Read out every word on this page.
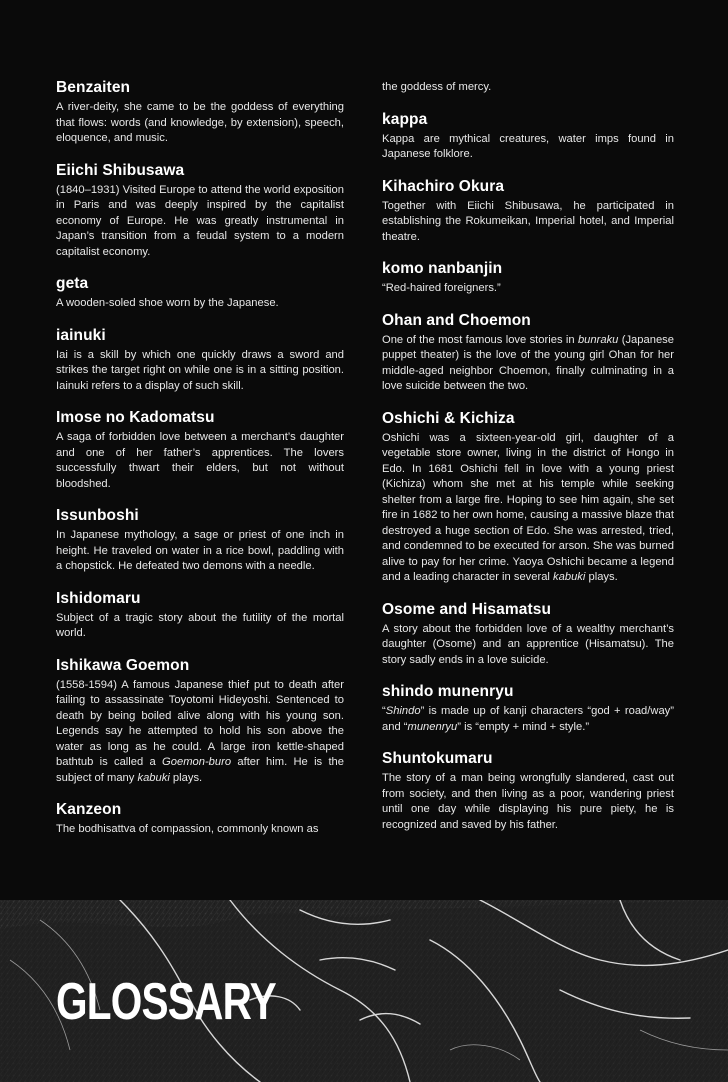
Benzaiten

A river-deity, she came to be the goddess of everything that flows: words (and knowledge, by extension), speech, eloquence, and music.

Eiichi Shibusawa

(1840–1931) Visited Europe to attend the world exposition in Paris and was deeply inspired by the capitalist economy of Europe. He was greatly instrumental in Japan’s transition from a feudal system to a modern capitalist economy.

geta

A wooden-soled shoe worn by the Japanese.

iainuki

Iai is a skill by which one quickly draws a sword and strikes the target right on while one is in a sitting position. Iainuki refers to a display of such skill.

Imose no Kadomatsu

A saga of forbidden love between a merchant’s daughter and one of her father’s apprentices. The lovers successfully thwart their elders, but not without bloodshed.

Issunboshi

In Japanese mythology, a sage or priest of one inch in height. He traveled on water in a rice bowl, paddling with a chopstick. He defeated two demons with a needle.

Ishidomaru

Subject of a tragic story about the futility of the mortal world.

Ishikawa Goemon

(1558-1594) A famous Japanese thief put to death after failing to assassinate Toyotomi Hideyoshi. Sentenced to death by being boiled alive along with his young son. Legends say he attempted to hold his son above the water as long as he could. A large iron kettle-shaped bathtub is called a Goemon-buro after him. He is the subject of many kabuki plays.

Kanzeon

The bodhisattva of compassion, commonly known as

the goddess of mercy.

kappa

Kappa are mythical creatures, water imps found in Japanese folklore.

Kihachiro Okura

Together with Eiichi Shibusawa, he participated in establishing the Rokumeikan, Imperial hotel, and Imperial theatre.

komo nanbanjin

“Red-haired foreigners.”

Ohan and Choemon

One of the most famous love stories in bunraku (Japanese puppet theater) is the love of the young girl Ohan for her middle-aged neighbor Choemon, finally culminating in a love suicide between the two.

Oshichi & Kichiza

Oshichi was a sixteen-year-old girl, daughter of a vegetable store owner, living in the district of Hongo in Edo. In 1681 Oshichi fell in love with a young priest (Kichiza) whom she met at his temple while seeking shelter from a large fire. Hoping to see him again, she set fire in 1682 to her own home, causing a massive blaze that destroyed a huge section of Edo. She was arrested, tried, and condemned to be executed for arson. She was burned alive to pay for her crime. Yaoya Oshichi became a legend and a leading character in several kabuki plays.

Osome and Hisamatsu

A story about the forbidden love of a wealthy merchant’s daughter (Osome) and an apprentice (Hisamatsu). The story sadly ends in a love suicide.

shindo munenryu

“Shindo” is made up of kanji characters “god + road/way” and “munenryu” is “empty + mind + style.”

Shuntokumaru

The story of a man being wrongfully slandered, cast out from society, and then living as a poor, wandering priest until one day while displaying his pure piety, he is recognized and saved by his father.

GLOSSARY
